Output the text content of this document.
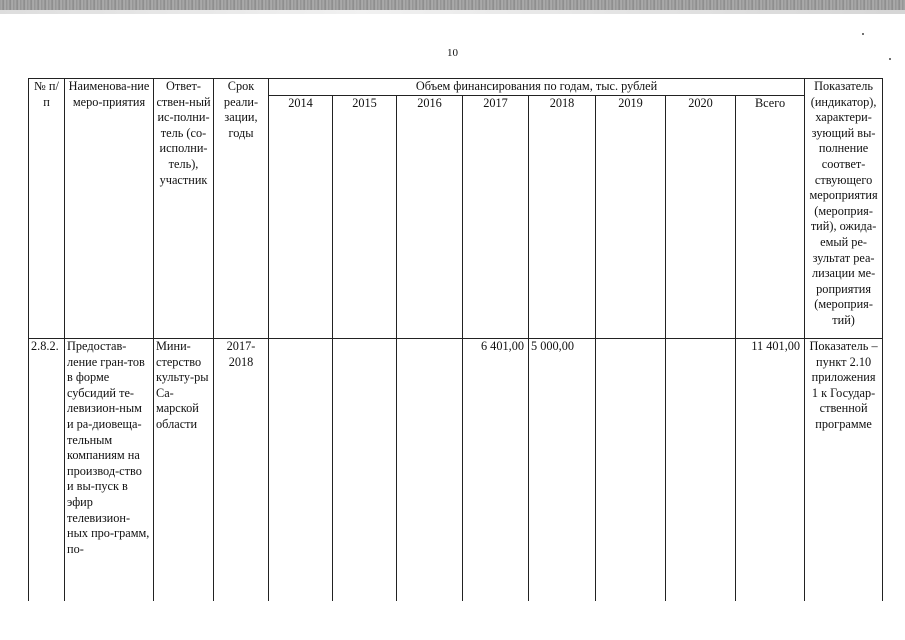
10
№ п/п	Наименова-ние меро-приятия	Ответ-ствен-ный ис-полни-тель (со-исполни-тель), участник	Срок реали-зации, годы	Объем финансирования по годам, тыс. рублей								Показатель (индикатор), характери-зующий вы-полнение соответ-ствующего мероприятия (мероприя-тий), ожида-емый ре-зультат реа-лизации ме-роприятия (мероприя-тий)
				2014	2015	2016	2017	2018	2019	2020	Всего	
2.8.2.	Предостав-ление гран-тов в форме субсидий те-левизион-ным и ра-диовеща-тельным компаниям на производ-ство и вы-пуск в эфир телевизион-ных про-грамм, по-	Мини-стерство культу-ры Са-марской области	2017-2018				6 401,00	5 000,00			11 401,00	Показатель – пункт 2.10 приложения 1 к Государ-ственной программе
